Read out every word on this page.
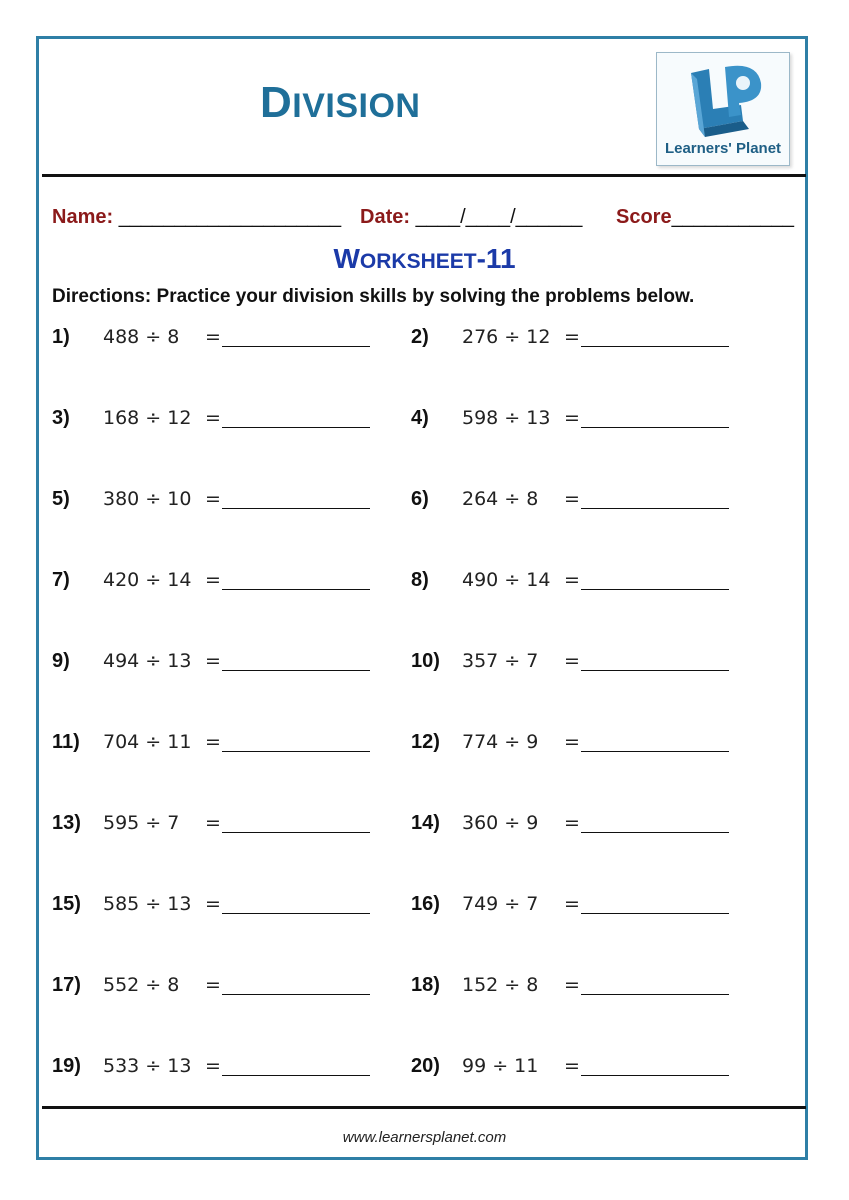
DIVISION
Learners' Planet
Name: ____________________ Date: ____/____/______ Score___________
WORKSHEET-11
Directions: Practice your division skills by solving the problems below.
1) 488 ÷ 8 =	2) 276 ÷ 12 =
3) 168 ÷ 12 =	4) 598 ÷ 13 =
5) 380 ÷ 10 =	6) 264 ÷ 8 =
7) 420 ÷ 14 =	8) 490 ÷ 14 =
9) 494 ÷ 13 =	10) 357 ÷ 7 =
11) 704 ÷ 11 =	12) 774 ÷ 9 =
13) 595 ÷ 7 =	14) 360 ÷ 9 =
15) 585 ÷ 13 =	16) 749 ÷ 7 =
17) 552 ÷ 8 =	18) 152 ÷ 8 =
19) 533 ÷ 13 =	20) 99 ÷ 11 =
www.learnersplanet.com
